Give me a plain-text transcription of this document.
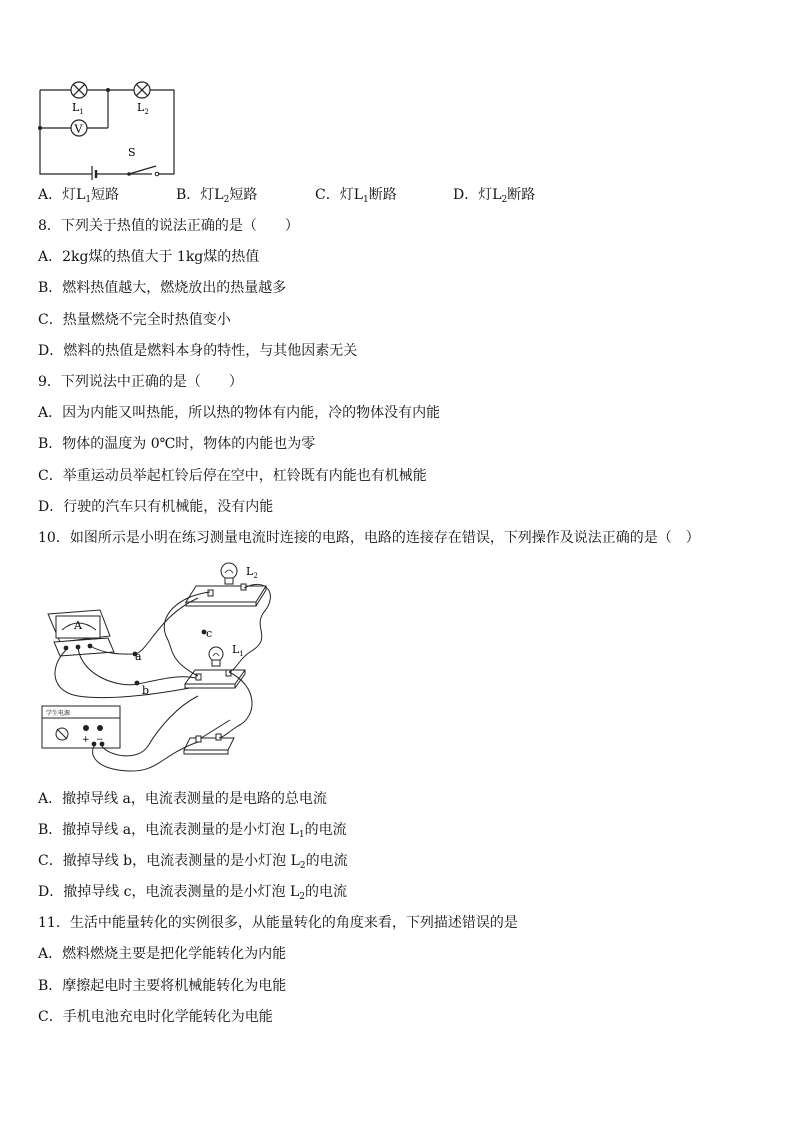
V
$L_1$	$L_2$
S
A．灯$L_1$短路	B．灯$L_2$短路	C．灯$L_1$断路	D．灯$L_2$断路
8．下列关于热值的说法正确的是（　　）
A．2kg煤的热值大于 1kg煤的热值
B．燃料热值越大，燃烧放出的热量越多
C．热量燃烧不完全时热值变小
D．燃料的热值是燃料本身的特性，与其他因素无关
9．下列说法中正确的是（　　）
A．因为内能又叫热能，所以热的物体有内能，冷的物体没有内能
B．物体的温度为 0℃时，物体的内能也为零
C．举重运动员举起杠铃后停在空中，杠铃既有内能也有机械能
D．行驶的汽车只有机械能，没有内能
10．如图所示是小明在练习测量电流时连接的电路，电路的连接存在错误，下列操作及说法正确的是（　）
A
学生电源
+ −
a
b
c
$L_2$
$L_1$
A．撤掉导线 a，电流表测量的是电路的总电流
B．撤掉导线 a，电流表测量的是小灯泡 $L_1$的电流
C．撤掉导线 b，电流表测量的是小灯泡 $L_2$的电流
D．撤掉导线 c，电流表测量的是小灯泡 $L_2$的电流
11．生活中能量转化的实例很多，从能量转化的角度来看，下列描述错误的是
A．燃料燃烧主要是把化学能转化为内能
B．摩擦起电时主要将机械能转化为电能
C．手机电池充电时化学能转化为电能
